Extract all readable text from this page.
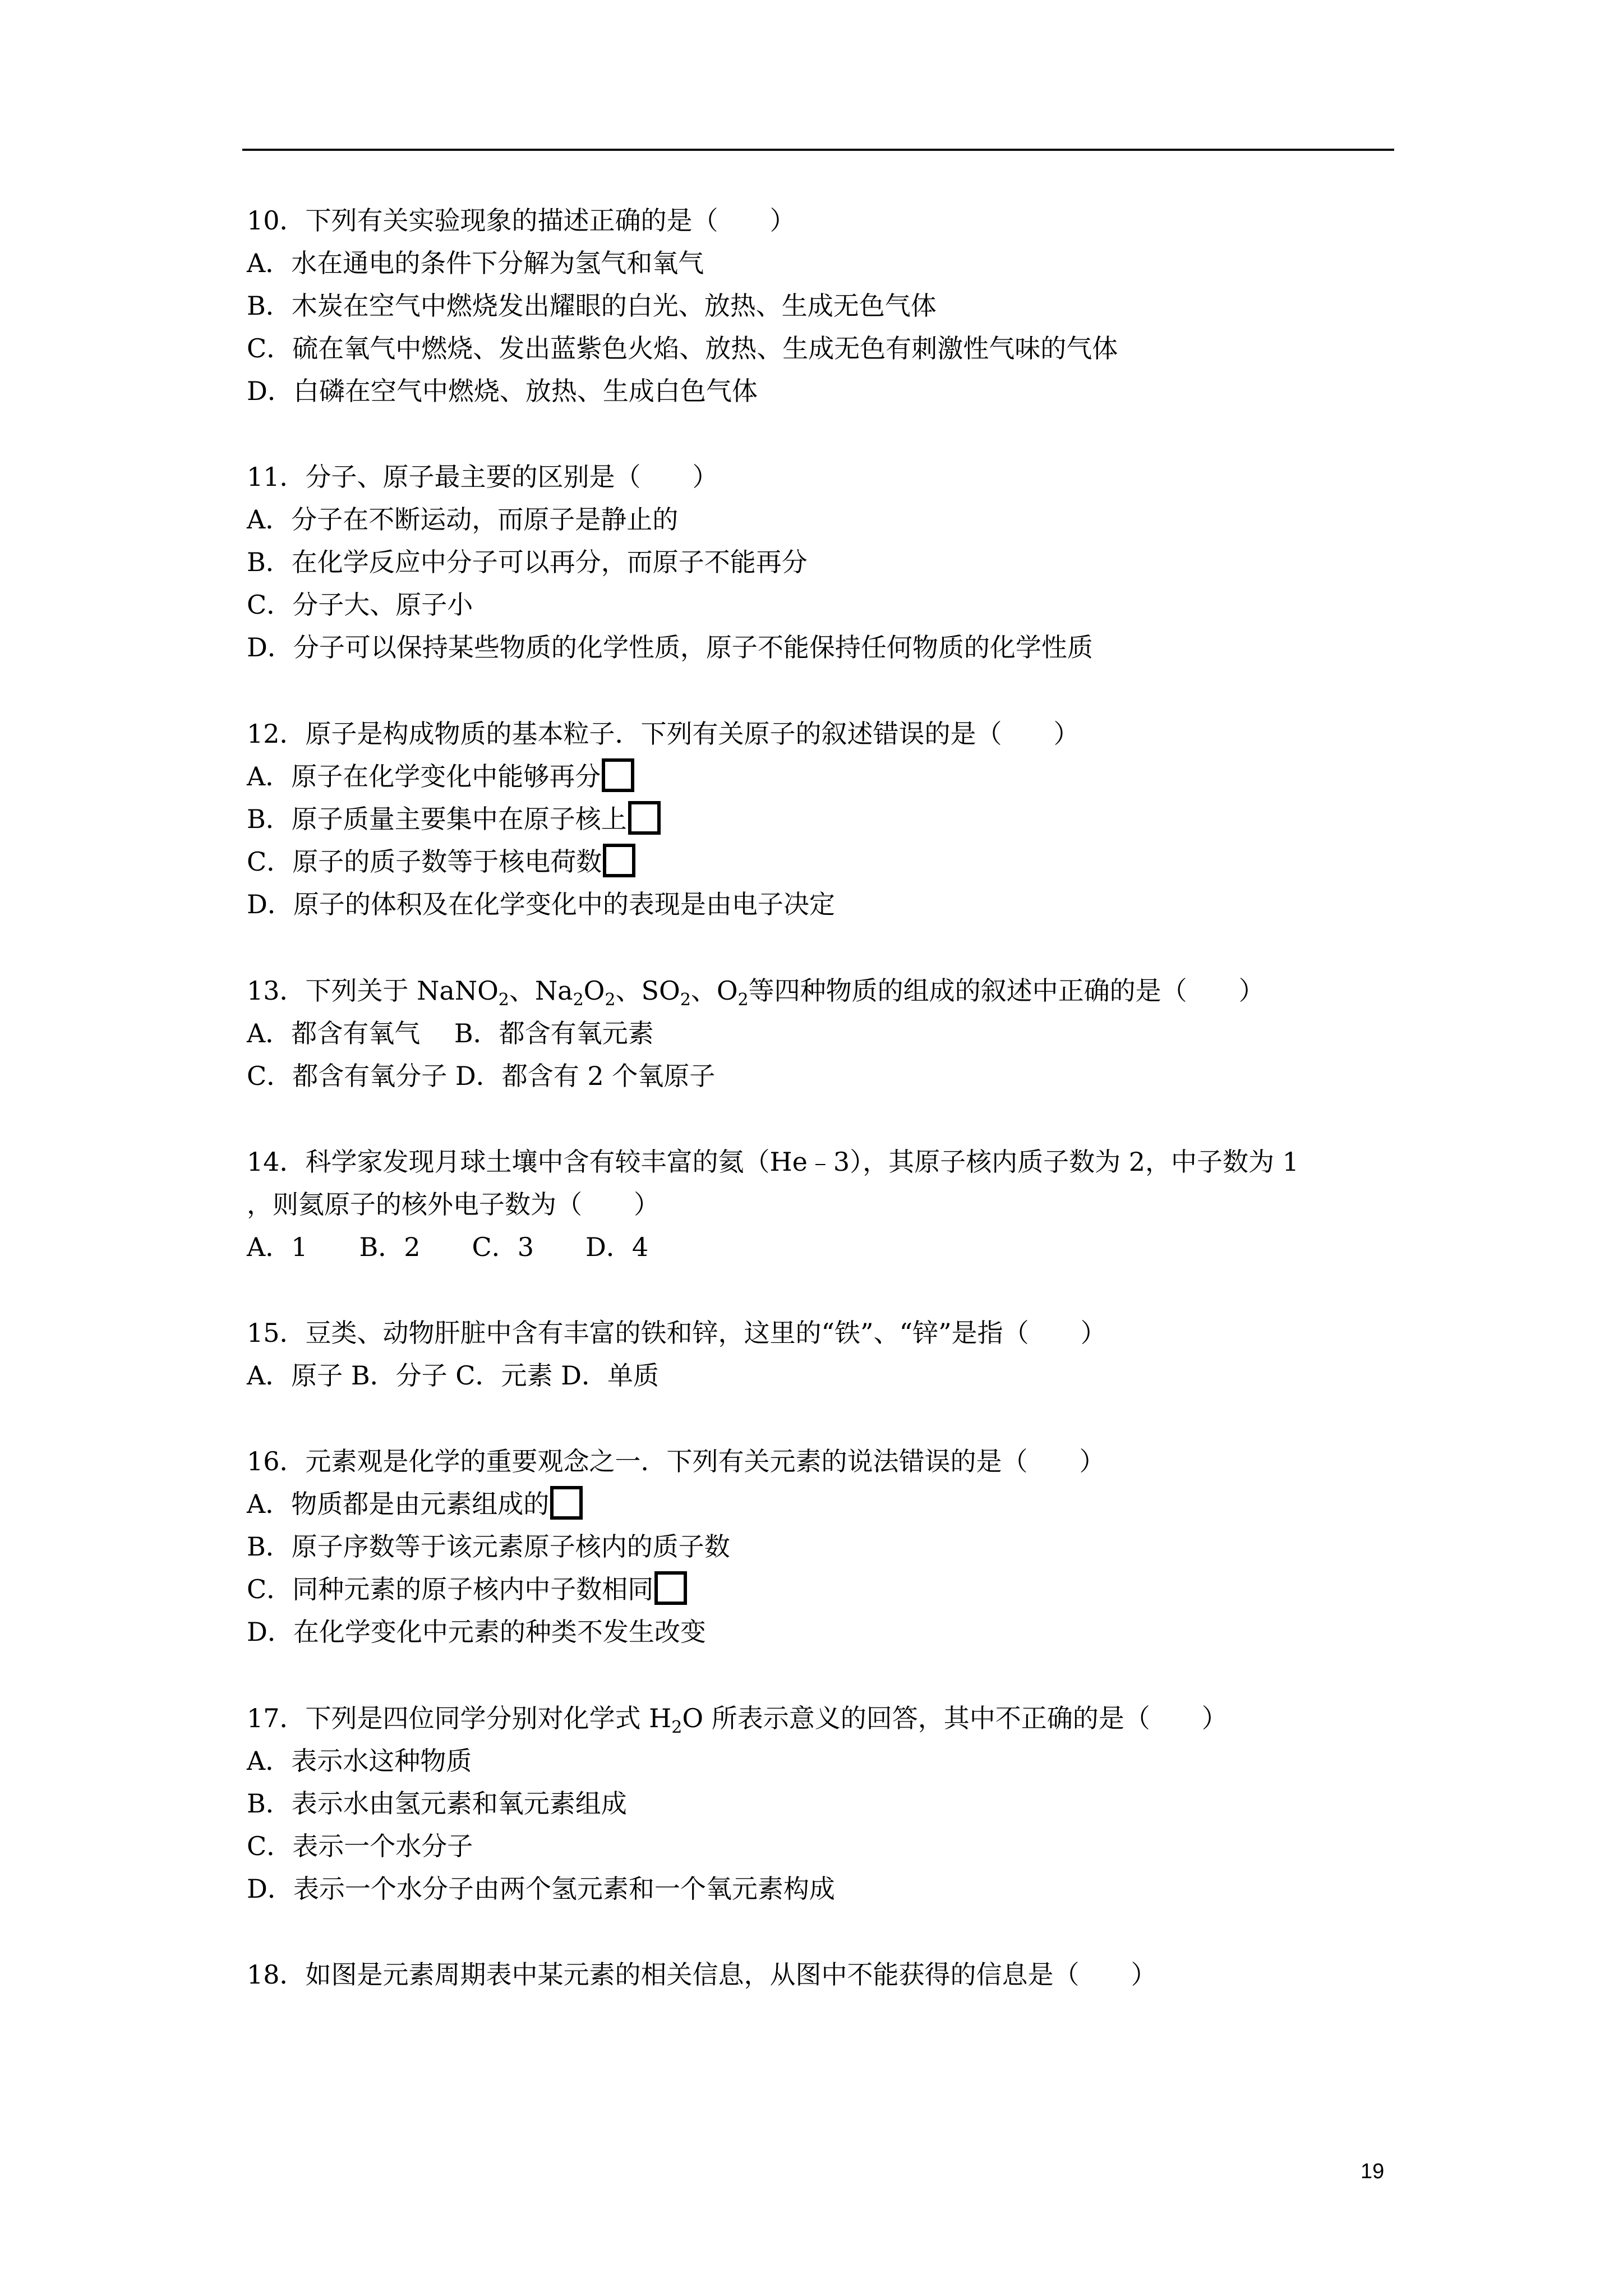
10．下列有关实验现象的描述正确的是（　　）
A．水在通电的条件下分解为氢气和氧气
B．木炭在空气中燃烧发出耀眼的白光、放热、生成无色气体
C．硫在氧气中燃烧、发出蓝紫色火焰、放热、生成无色有刺激性气味的气体
D．白磷在空气中燃烧、放热、生成白色气体
11．分子、原子最主要的区别是（　　）
A．分子在不断运动，而原子是静止的
B．在化学反应中分子可以再分，而原子不能再分
C．分子大、原子小
D．分子可以保持某些物质的化学性质，原子不能保持任何物质的化学性质
12．原子是构成物质的基本粒子．下列有关原子的叙述错误的是（　　）
A．原子在化学变化中能够再分
B．原子质量主要集中在原子核上
C．原子的质子数等于核电荷数
D．原子的体积及在化学变化中的表现是由电子决定
13．下列关于 NaNO$_2$、$Na_2O_2$、$SO_2$、$O_2$等四种物质的组成的叙述中正确的是（　　）
A．都含有氧气　 B．都含有氧元素
C．都含有氧分子 D．都含有 2 个氧原子
14．科学家发现月球土壤中含有较丰富的氦（He﹣3），其原子核内质子数为 2，中子数为 1
，则氦原子的核外电子数为（　　）
A．1　　B．2　　C．3　　D．4
15．豆类、动物肝脏中含有丰富的铁和锌，这里的“铁”、“锌”是指（　　）
A．原子 B．分子 C．元素 D．单质
16．元素观是化学的重要观念之一．下列有关元素的说法错误的是（　　）
A．物质都是由元素组成的
B．原子序数等于该元素原子核内的质子数
C．同种元素的原子核内中子数相同
D．在化学变化中元素的种类不发生改变
17．下列是四位同学分别对化学式 $H_2O$ 所表示意义的回答，其中不正确的是（　　）
A．表示水这种物质
B．表示水由氢元素和氧元素组成
C．表示一个水分子
D．表示一个水分子由两个氢元素和一个氧元素构成
18．如图是元素周期表中某元素的相关信息，从图中不能获得的信息是（　　）
19
